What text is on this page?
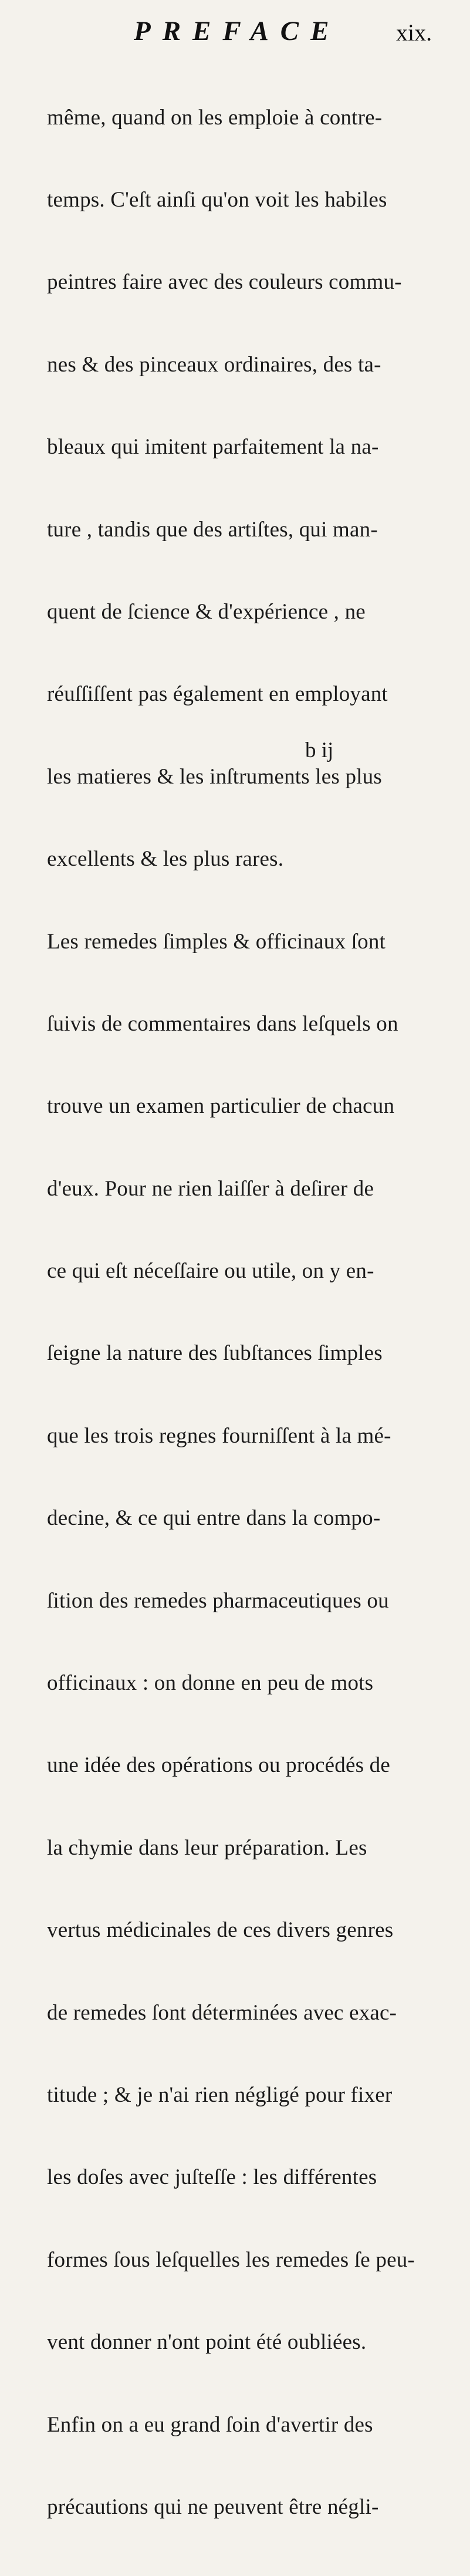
PREFACE xix.

même, quand on les emploie à contre-

temps. C'eſt ainſi qu'on voit les habiles

peintres faire avec des couleurs commu-

nes & des pinceaux ordinaires, des ta-

bleaux qui imitent parfaitement la na-

ture , tandis que des artiſtes, qui man-

quent de ſcience & d'expérience , ne

réuſſiſſent pas également en employant

les matieres & les inſtruments les plus

excellents & les plus rares.

Les remedes ſimples & officinaux ſont

ſuivis de commentaires dans leſquels on

trouve un examen particulier de chacun

d'eux. Pour ne rien laiſſer à deſirer de

ce qui eſt néceſſaire ou utile, on y en-

ſeigne la nature des ſubſtances ſimples

que les trois regnes fourniſſent à la mé-

decine, & ce qui entre dans la compo-

ſition des remedes pharmaceutiques ou

officinaux : on donne en peu de mots

une idée des opérations ou procédés de

la chymie dans leur préparation. Les

vertus médicinales de ces divers genres

de remedes ſont déterminées avec exac-

titude ; & je n'ai rien négligé pour fixer

les doſes avec juſteſſe : les différentes

formes ſous leſquelles les remedes ſe peu-

vent donner n'ont point été oubliées.

Enfin on a eu grand ſoin d'avertir des

précautions qui ne peuvent être négli-

b ij
